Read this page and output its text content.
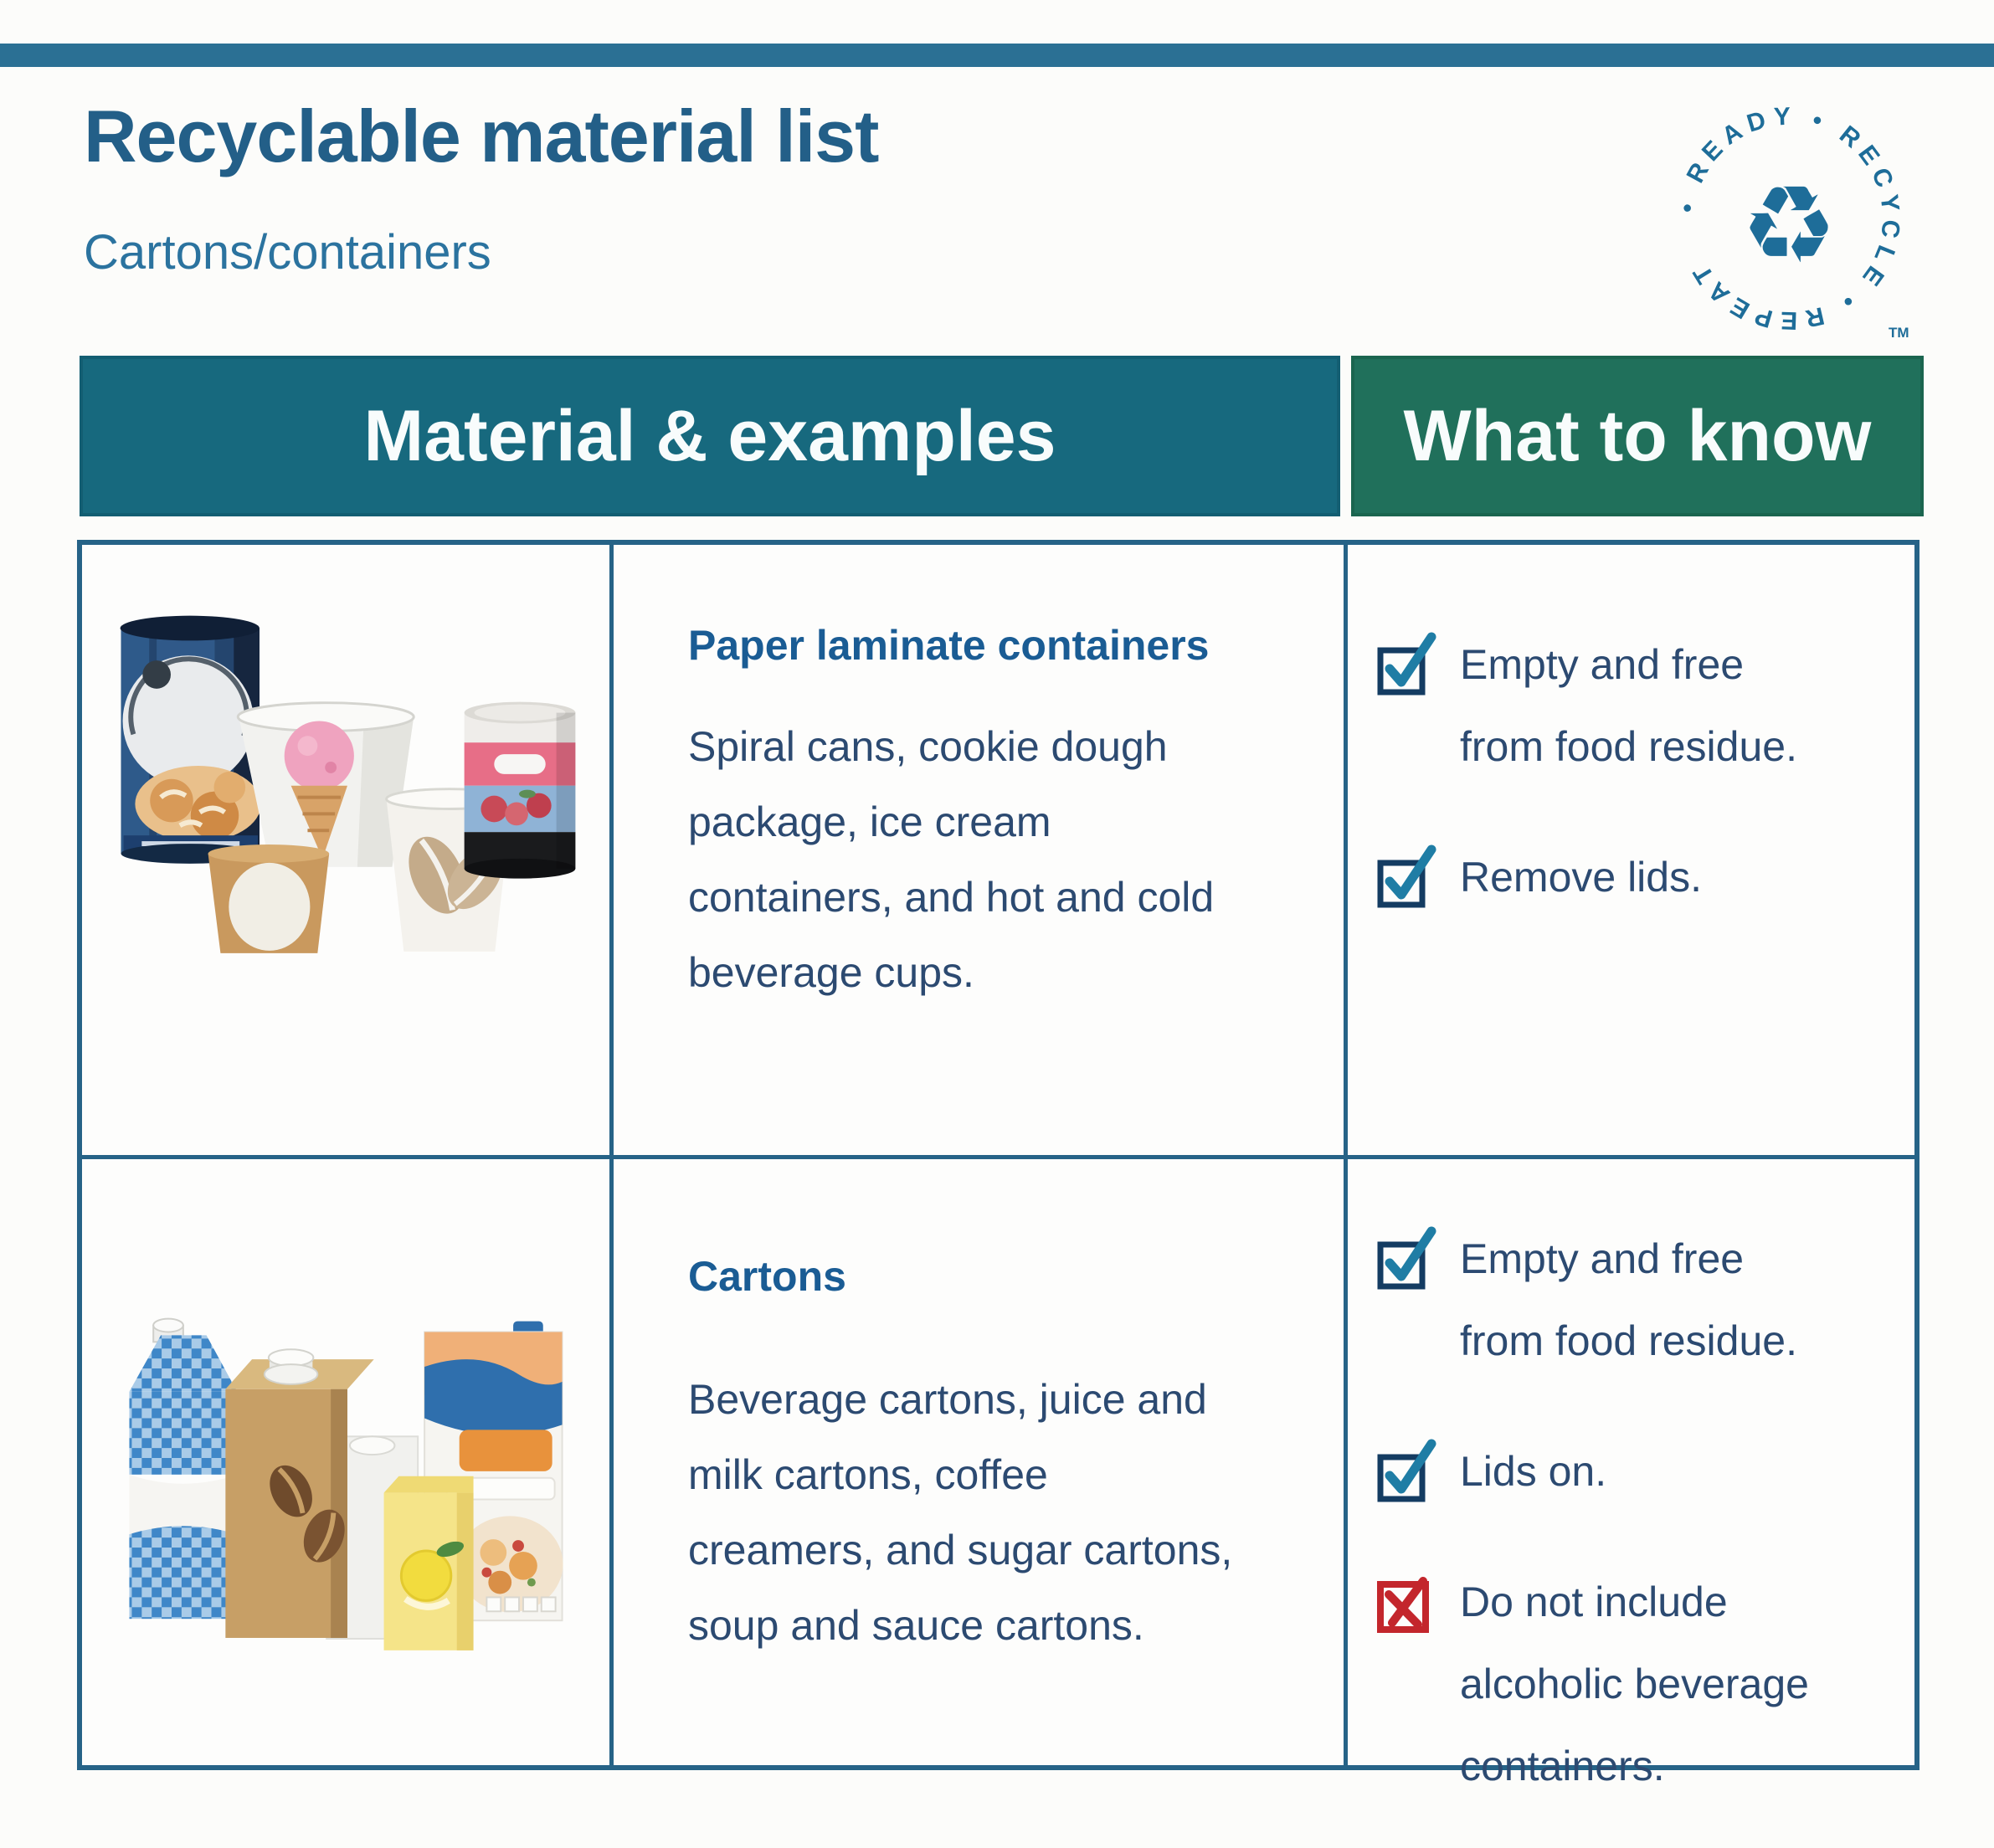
Recyclable material list
Cartons/containers
• READY • RECYCLE • REPEAT ♻
TM
Material & examples	What to know
Paper laminate containers
Spiral cans, cookie dough package, ice cream containers, and hot and cold beverage cups.
Empty and free from food residue.
Remove lids.
Cartons
Beverage cartons, juice and milk cartons, coffee creamers, and sugar cartons, soup and sauce cartons.
Empty and free from food residue.
Lids on.
Do not include alcoholic beverage containers.
